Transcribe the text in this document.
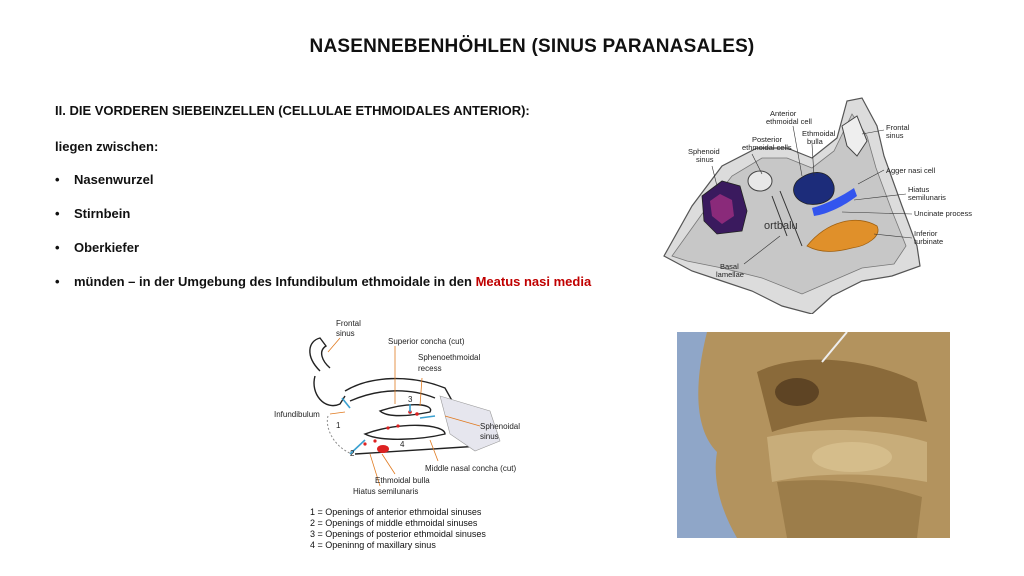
NASENNEBENHÖHLEN (SINUS PARANASALES)
II. DIE VORDEREN SIEBEINZELLEN (CELLULAE ETHMOIDALES ANTERIOR):
liegen zwischen:
• Nasenwurzel
• Stirnbein
• Oberkiefer
• münden – in der Umgebung des Infundibulum ethmoidale in den Meatus nasi media
ortbalu
Anterior
ethmoidal cell
Posterior
ethmoidal cells
Ethmoidal
bulla
Sphenoid
sinus
Frontal
sinus
Agger nasi cell
Hiatus
semilunaris
Uncinate process
Inferior
turbinate
Basal
lamellae
Frontal
sinus
Superior concha (cut)
Sphenoethmoidal
recess
Infundibulum
Sphenoidal
sinus
Middle nasal concha (cut)
Ethmoidal bulla
Hiatus semilunaris
3
1
2
4
1 = Openings of anterior ethmoidal sinuses
2 = Openings of middle ethmoidal sinuses
3 = Openings of posterior ethmoidal sinuses
4 = Openinng of maxillary sinus
